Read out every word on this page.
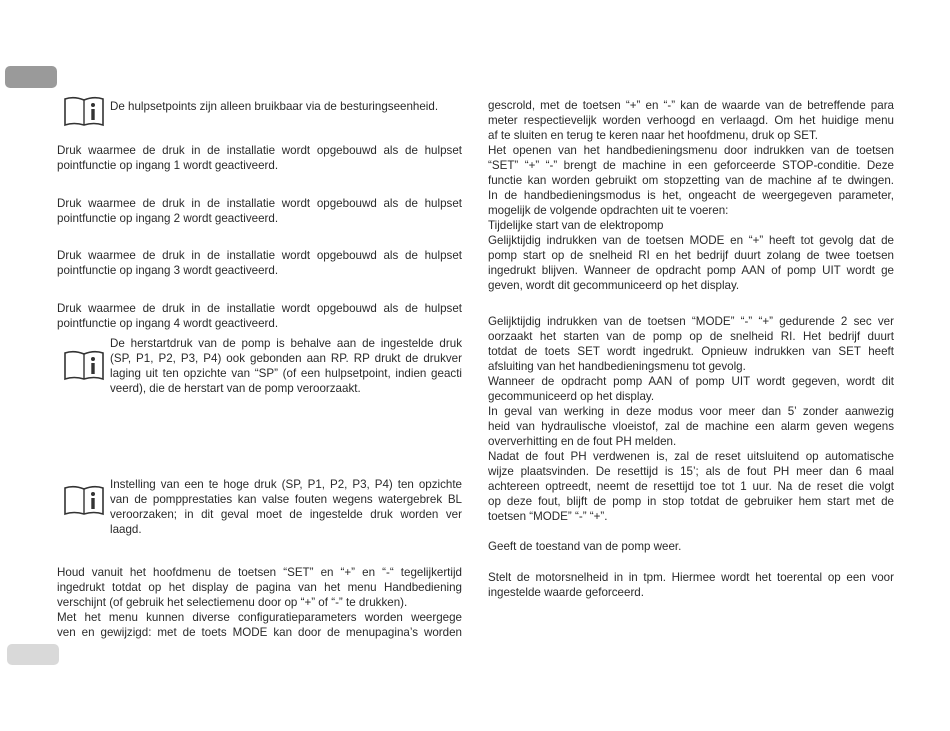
De hulpsetpoints zijn alleen bruikbaar via de besturingseenheid.
Druk waarmee de druk in de installatie wordt opgebouwd als de hulpset
pointfunctie op ingang 1 wordt geactiveerd.
Druk waarmee de druk in de installatie wordt opgebouwd als de hulpset
pointfunctie op ingang 2 wordt geactiveerd.
Druk waarmee de druk in de installatie wordt opgebouwd als de hulpset
pointfunctie op ingang 3 wordt geactiveerd.
Druk waarmee de druk in de installatie wordt opgebouwd als de hulpset
pointfunctie op ingang 4 wordt geactiveerd.
De herstartdruk van de pomp is behalve aan de ingestelde druk
(SP, P1, P2, P3, P4) ook gebonden aan RP. RP drukt de drukver
laging uit ten opzichte van “SP” (of een hulpsetpoint, indien geacti
veerd), die de herstart van de pomp veroorzaakt.
Instelling van een te hoge druk (SP, P1, P2, P3, P4) ten opzichte
van de pompprestaties kan valse fouten wegens watergebrek BL
veroorzaken; in dit geval moet de ingestelde druk worden ver
laagd.
Houd vanuit het hoofdmenu de toetsen “SET” en “+” en “-“ tegelijkertijd
ingedrukt totdat op het display de pagina van het menu Handbediening
verschijnt (of gebruik het selectiemenu door op “+” of “-” te drukken).
Met het menu kunnen diverse configuratieparameters worden weergege
ven en gewijzigd: met de toets MODE kan door de menupagina’s worden
gescrold, met de toetsen “+” en “-” kan de waarde van de betreffende para
meter respectievelijk worden verhoogd en verlaagd. Om het huidige menu
af te sluiten en terug te keren naar het hoofdmenu, druk op SET.
Het openen van het handbedieningsmenu door indrukken van de toetsen
“SET” “+” “-” brengt de machine in een geforceerde STOP-conditie. Deze
functie kan worden gebruikt om stopzetting van de machine af te dwingen.
In de handbedieningsmodus is het, ongeacht de weergegeven parameter,
mogelijk de volgende opdrachten uit te voeren:
Tijdelijke start van de elektropomp
Gelijktijdig indrukken van de toetsen MODE en “+” heeft tot gevolg dat de
pomp start op de snelheid RI en het bedrijf duurt zolang de twee toetsen
ingedrukt blijven. Wanneer de opdracht pomp AAN of pomp UIT wordt ge
geven, wordt dit gecommuniceerd op het display.
Gelijktijdig indrukken van de toetsen “MODE” “-” “+” gedurende 2 sec ver
oorzaakt het starten van de pomp op de snelheid RI. Het bedrijf duurt
totdat de toets SET wordt ingedrukt. Opnieuw indrukken van SET heeft
afsluiting van het handbedieningsmenu tot gevolg.
Wanneer de opdracht pomp AAN of pomp UIT wordt gegeven, wordt dit
gecommuniceerd op het display.
In geval van werking in deze modus voor meer dan 5’ zonder aanwezig
heid van hydraulische vloeistof, zal de machine een alarm geven wegens
oververhitting en de fout PH melden.
Nadat de fout PH verdwenen is, zal de reset uitsluitend op automatische
wijze plaatsvinden. De resettijd is 15’; als de fout PH meer dan 6 maal
achtereen optreedt, neemt de resettijd toe tot 1 uur. Na de reset die volgt
op deze fout, blijft de pomp in stop totdat de gebruiker hem start met de
toetsen “MODE” “-” “+”.
Geeft de toestand van de pomp weer.
Stelt de motorsnelheid in in tpm. Hiermee wordt het toerental op een voor
ingestelde waarde geforceerd.
